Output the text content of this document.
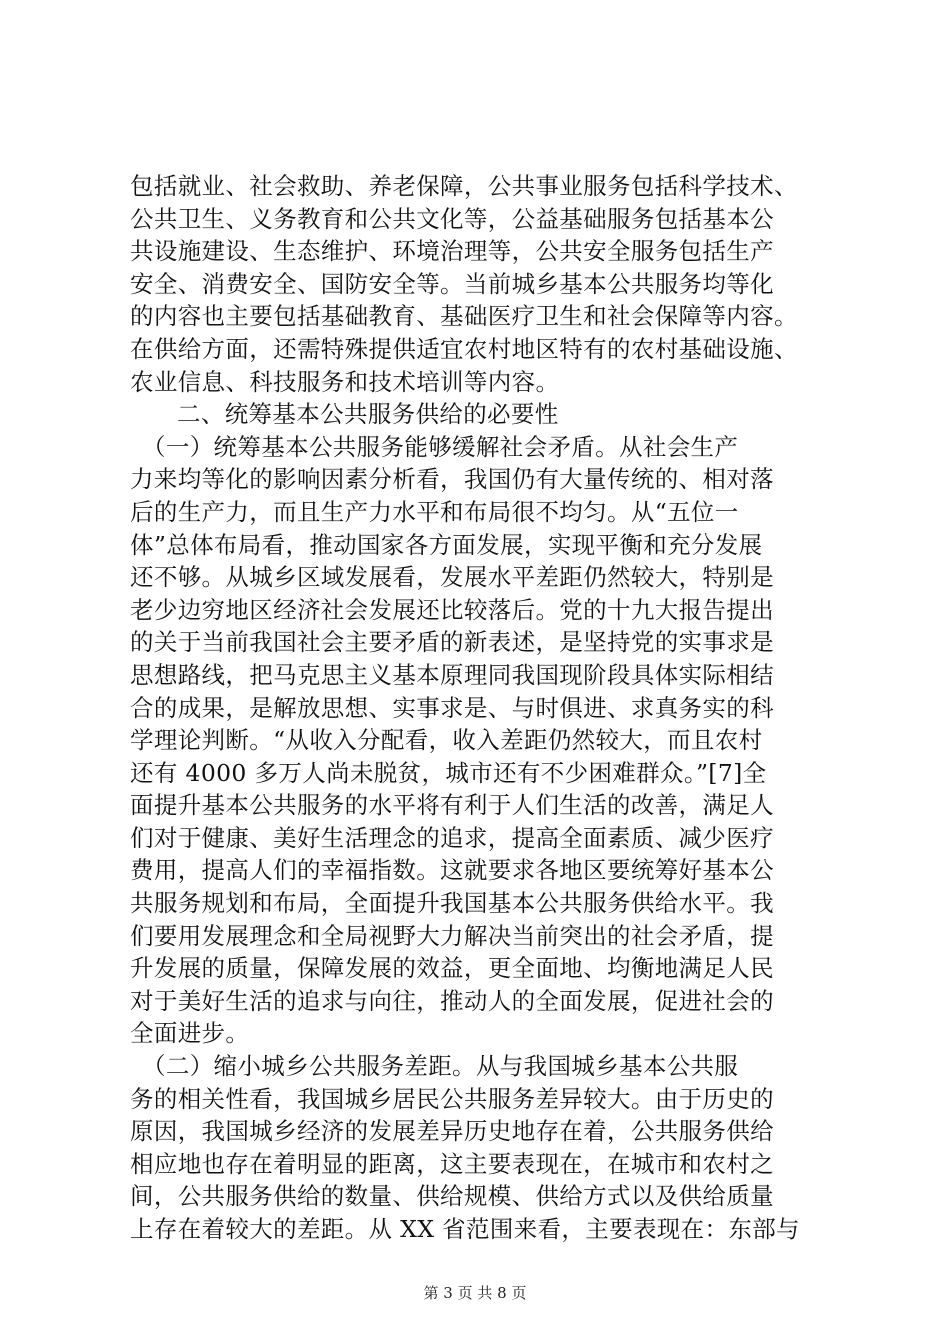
包括就业、社会救助、养老保障，公共事业服务包括科学技术、
公共卫生、义务教育和公共文化等，公益基础服务包括基本公
共设施建设、生态维护、环境治理等，公共安全服务包括生产
安全、消费安全、国防安全等。当前城乡基本公共服务均等化
的内容也主要包括基础教育、基础医疗卫生和社会保障等内容。
在供给方面，还需特殊提供适宜农村地区特有的农村基础设施、
农业信息、科技服务和技术培训等内容。
二、统筹基本公共服务供给的必要性
（一）统筹基本公共服务能够缓解社会矛盾。从社会生产
力来均等化的影响因素分析看，我国仍有大量传统的、相对落
后的生产力，而且生产力水平和布局很不均匀。从“五位一
体”总体布局看，推动国家各方面发展，实现平衡和充分发展
还不够。从城乡区域发展看，发展水平差距仍然较大，特别是
老少边穷地区经济社会发展还比较落后。党的十九大报告提出
的关于当前我国社会主要矛盾的新表述，是坚持党的实事求是
思想路线，把马克思主义基本原理同我国现阶段具体实际相结
合的成果，是解放思想、实事求是、与时俱进、求真务实的科
学理论判断。“从收入分配看，收入差距仍然较大，而且农村
还有 4000 多万人尚未脱贫，城市还有不少困难群众。”[7]全
面提升基本公共服务的水平将有利于人们生活的改善，满足人
们对于健康、美好生活理念的追求，提高全面素质、减少医疗
费用，提高人们的幸福指数。这就要求各地区要统筹好基本公
共服务规划和布局，全面提升我国基本公共服务供给水平。我
们要用发展理念和全局视野大力解决当前突出的社会矛盾，提
升发展的质量，保障发展的效益，更全面地、均衡地满足人民
对于美好生活的追求与向往，推动人的全面发展，促进社会的
全面进步。
（二）缩小城乡公共服务差距。从与我国城乡基本公共服
务的相关性看，我国城乡居民公共服务差异较大。由于历史的
原因，我国城乡经济的发展差异历史地存在着，公共服务供给
相应地也存在着明显的距离，这主要表现在，在城市和农村之
间，公共服务供给的数量、供给规模、供给方式以及供给质量
上存在着较大的差距。从 XX 省范围来看，主要表现在：东部与
第 3 页 共 8 页
